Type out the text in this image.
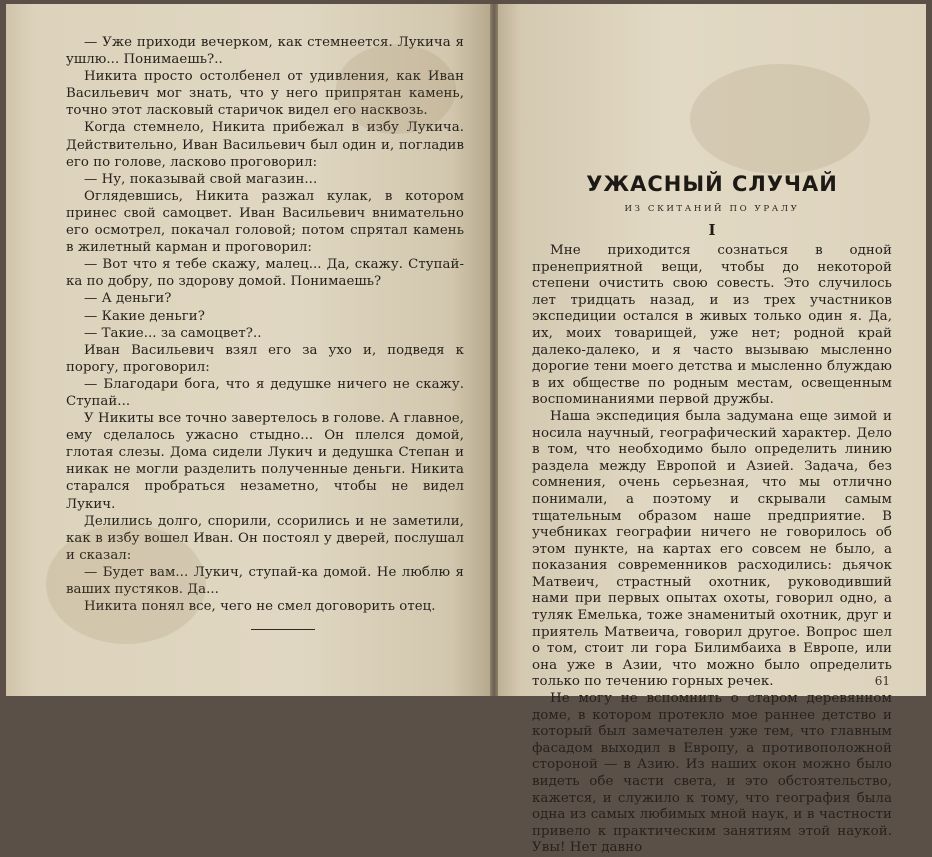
— Уже приходи вечерком, как стемнеется. Лукича я ушлю... Понимаешь?..

Никита просто остолбенел от удивления, как Иван Васильевич мог знать, что у него припрятан камень, точно этот ласковый старичок видел его насквозь.

Когда стемнело, Никита прибежал в избу Лукича. Действительно, Иван Васильевич был один и, погладив его по голове, ласково проговорил:

— Ну, показывай свой магазин...

Оглядевшись, Никита разжал кулак, в котором принес свой самоцвет. Иван Васильевич внимательно его осмотрел, покачал головой; потом спрятал камень в жилетный карман и проговорил:

— Вот что я тебе скажу, малец... Да, скажу. Ступай-ка по добру, по здорову домой. Понимаешь?

— А деньги?

— Какие деньги?

— Такие... за самоцвет?..

Иван Васильевич взял его за ухо и, подведя к порогу, проговорил:

— Благодари бога, что я дедушке ничего не скажу. Ступай...

У Никиты все точно завертелось в голове. А главное, ему сделалось ужасно стыдно... Он плелся домой, глотая слезы. Дома сидели Лукич и дедушка Степан и никак не могли разделить полученные деньги. Никита старался пробраться незаметно, чтобы не видел Лукич.

Делились долго, спорили, ссорились и не заметили, как в избу вошел Иван. Он постоял у дверей, послушал и сказал:

— Будет вам... Лукич, ступай-ка домой. Не люблю я ваших пустяков. Да...

Никита понял все, чего не смел договорить отец.

УЖАСНЫЙ СЛУЧАЙ
ИЗ СКИТАНИЙ ПО УРАЛУ
I

Мне приходится сознаться в одной пренеприятной вещи, чтобы до некоторой степени очистить свою совесть. Это случилось лет тридцать назад, и из трех участников экспедиции остался в живых только один я. Да, их, моих товарищей, уже нет; родной край далеко-далеко, и я часто вызываю мысленно дорогие тени моего детства и мысленно блуждаю в их обществе по родным местам, освещенным воспоминаниями первой дружбы.

Наша экспедиция была задумана еще зимой и носила научный, географический характер. Дело в том, что необходимо было определить линию раздела между Европой и Азией. Задача, без сомнения, очень серьезная, что мы отлично понимали, а поэтому и скрывали самым тщательным образом наше предприятие. В учебниках географии ничего не говорилось об этом пункте, на картах его совсем не было, а показания современников расходились: дьячок Матвеич, страстный охотник, руководивший нами при первых опытах охоты, говорил одно, а туляк Емелька, тоже знаменитый охотник, друг и приятель Матвеича, говорил другое. Вопрос шел о том, стоит ли гора Билимбаиха в Европе, или она уже в Азии, что можно было определить только по течению горных речек.

Не могу не вспомнить о старом деревянном доме, в котором протекло мое раннее детство и который был замечателен уже тем, что главным фасадом выходил в Европу, а противоположной стороной — в Азию. Из наших окон можно было видеть обе части света, и это обстоятельство, кажется, и служило к тому, что география была одна из самых любимых мной наук, и в частности привело к практическим занятиям этой наукой. Увы! Нет давно

61
